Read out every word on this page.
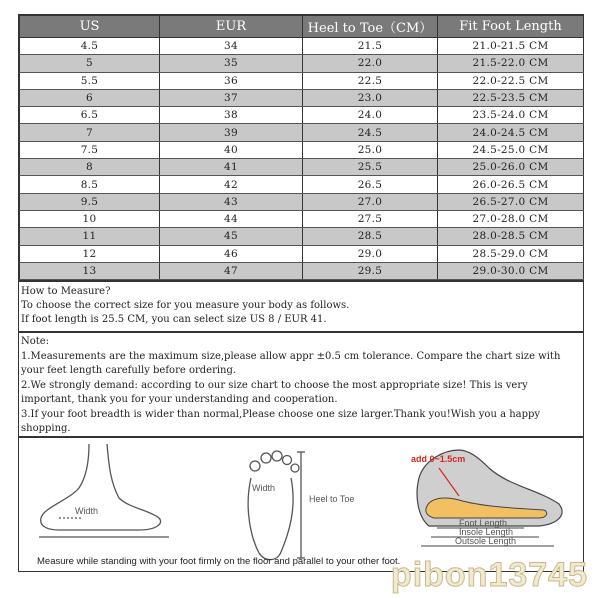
US	EUR	Heel to Toe（CM）	Fit Foot Length
4.5	34	21.5	21.0-21.5 CM
5	35	22.0	21.5-22.0 CM
5.5	36	22.5	22.0-22.5 CM
6	37	23.0	22.5-23.5 CM
6.5	38	24.0	23.5-24.0 CM
7	39	24.5	24.0-24.5 CM
7.5	40	25.0	24.5-25.0 CM
8	41	25.5	25.0-26.0 CM
8.5	42	26.5	26.0-26.5 CM
9.5	43	27.0	26.5-27.0 CM
10	44	27.5	27.0-28.0 CM
11	45	28.5	28.0-28.5 CM
12	46	29.0	28.5-29.0 CM
13	47	29.5	29.0-30.0 CM
How to Measure?
To choose the correct size for you measure your body as follows.
If foot length is 25.5 CM, you can select size US 8 / EUR 41.
Note:
1.Measurements are the maximum size,please allow appr ±0.5 cm tolerance. Compare the chart size with your feet length carefully before ordering.
2.We strongly demand: according to our size chart to choose the most appropriate size! This is very important, thank you for your understanding and cooperation.
3.If your foot breadth is wider than normal,Please choose one size larger.Thank you!Wish you a happy shopping.
Width
Width
Heel to Toe
add 0~1.5cm
Foot Length
Insole Length
Outsole Length
Measure while standing with your foot firmly on the floor and parallel to your other foot.
pibon13745
